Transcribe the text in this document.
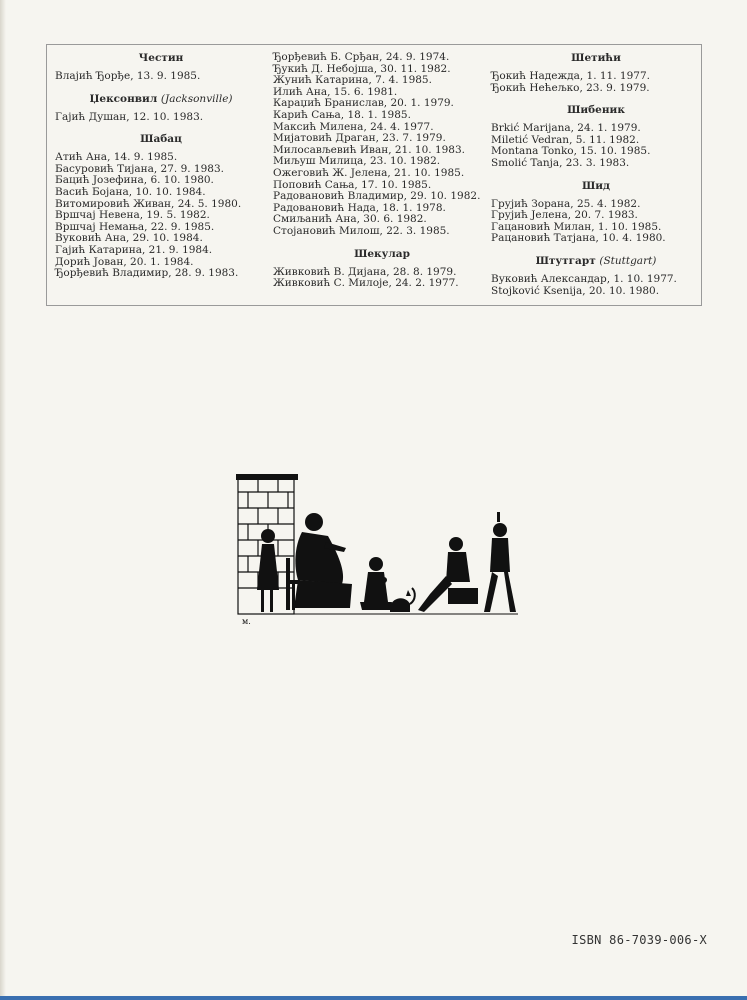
Честин
Влајић Ђорђе, 13. 9. 1985.
Џексонвил (Jacksonville)
Гајић Душан, 12. 10. 1983.
Шабац
Атић Ана, 14. 9. 1985.
Басуровић Тијана, 27. 9. 1983.
Бацић Јозефина, 6. 10. 1980.
Васић Бојана, 10. 10. 1984.
Витомировић Живан, 24. 5. 1980.
Вршчај Невена, 19. 5. 1982.
Вршчај Немања, 22. 9. 1985.
Вуковић Ана, 29. 10. 1984.
Гајић Катарина, 21. 9. 1984.
Дорић Јован, 20. 1. 1984.
Ђорђевић Владимир, 28. 9. 1983.
Ђорђевић Б. Срђан, 24. 9. 1974.
Ђукић Д. Небојша, 30. 11. 1982.
Жунић Катарина, 7. 4. 1985.
Илић Ана, 15. 6. 1981.
Караџић Бранислав, 20. 1. 1979.
Карић Сања, 18. 1. 1985.
Максић Милена, 24. 4. 1977.
Мијатовић Драган, 23. 7. 1979.
Милосављевић Иван, 21. 10. 1983.
Миљуш Милица, 23. 10. 1982.
Ожеговић Ж. Јелена, 21. 10. 1985.
Поповић Сања, 17. 10. 1985.
Радовановић Владимир, 29. 10. 1982.
Радовановић Нада, 18. 1. 1978.
Смиљанић Ана, 30. 6. 1982.
Стојановић Милош, 22. 3. 1985.
Шекулар
Живковић В. Дијана, 28. 8. 1979.
Живковић С. Милоје, 24. 2. 1977.
Шетићи
Ђокић Надежда, 1. 11. 1977.
Ђокић Нећељко, 23. 9. 1979.
Шибеник
Brkić Marijana, 24. 1. 1979.
Miletić Vedran, 5. 11. 1982.
Montana Tonko, 15. 10. 1985.
Smolić Tanja, 23. 3. 1983.
Шид
Грујић Зорана, 25. 4. 1982.
Грујић Јелена, 20. 7. 1983.
Гацановић Милан, 1. 10. 1985.
Рацановић Татјана, 10. 4. 1980.
Штутгарт (Stuttgart)
Вуковић Александар, 1. 10. 1977.
Stojković Ksenija, 20. 10. 1980.
м.
ISBN 86-7039-006-X
